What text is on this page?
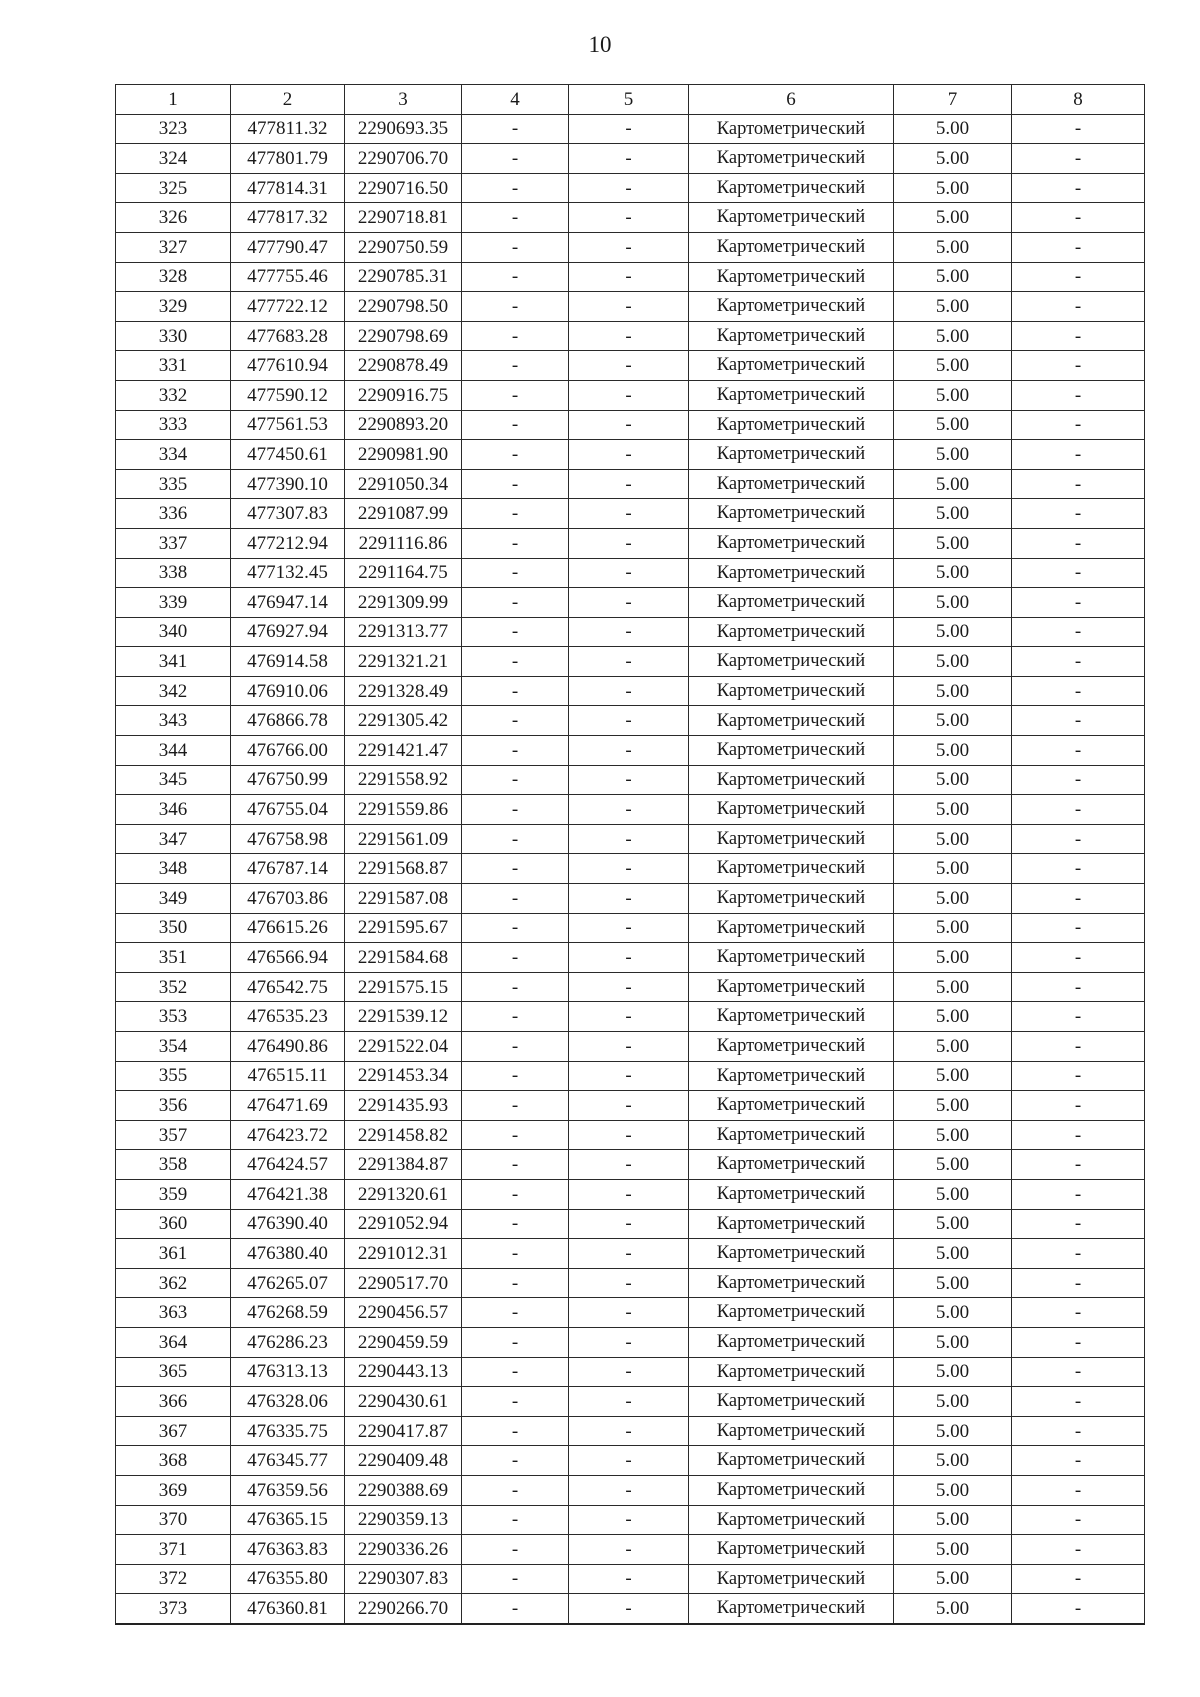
10
1	2	3	4	5	6	7	8
323	477811.32	2290693.35	-	-	Картометрический	5.00	-
324	477801.79	2290706.70	-	-	Картометрический	5.00	-
325	477814.31	2290716.50	-	-	Картометрический	5.00	-
326	477817.32	2290718.81	-	-	Картометрический	5.00	-
327	477790.47	2290750.59	-	-	Картометрический	5.00	-
328	477755.46	2290785.31	-	-	Картометрический	5.00	-
329	477722.12	2290798.50	-	-	Картометрический	5.00	-
330	477683.28	2290798.69	-	-	Картометрический	5.00	-
331	477610.94	2290878.49	-	-	Картометрический	5.00	-
332	477590.12	2290916.75	-	-	Картометрический	5.00	-
333	477561.53	2290893.20	-	-	Картометрический	5.00	-
334	477450.61	2290981.90	-	-	Картометрический	5.00	-
335	477390.10	2291050.34	-	-	Картометрический	5.00	-
336	477307.83	2291087.99	-	-	Картометрический	5.00	-
337	477212.94	2291116.86	-	-	Картометрический	5.00	-
338	477132.45	2291164.75	-	-	Картометрический	5.00	-
339	476947.14	2291309.99	-	-	Картометрический	5.00	-
340	476927.94	2291313.77	-	-	Картометрический	5.00	-
341	476914.58	2291321.21	-	-	Картометрический	5.00	-
342	476910.06	2291328.49	-	-	Картометрический	5.00	-
343	476866.78	2291305.42	-	-	Картометрический	5.00	-
344	476766.00	2291421.47	-	-	Картометрический	5.00	-
345	476750.99	2291558.92	-	-	Картометрический	5.00	-
346	476755.04	2291559.86	-	-	Картометрический	5.00	-
347	476758.98	2291561.09	-	-	Картометрический	5.00	-
348	476787.14	2291568.87	-	-	Картометрический	5.00	-
349	476703.86	2291587.08	-	-	Картометрический	5.00	-
350	476615.26	2291595.67	-	-	Картометрический	5.00	-
351	476566.94	2291584.68	-	-	Картометрический	5.00	-
352	476542.75	2291575.15	-	-	Картометрический	5.00	-
353	476535.23	2291539.12	-	-	Картометрический	5.00	-
354	476490.86	2291522.04	-	-	Картометрический	5.00	-
355	476515.11	2291453.34	-	-	Картометрический	5.00	-
356	476471.69	2291435.93	-	-	Картометрический	5.00	-
357	476423.72	2291458.82	-	-	Картометрический	5.00	-
358	476424.57	2291384.87	-	-	Картометрический	5.00	-
359	476421.38	2291320.61	-	-	Картометрический	5.00	-
360	476390.40	2291052.94	-	-	Картометрический	5.00	-
361	476380.40	2291012.31	-	-	Картометрический	5.00	-
362	476265.07	2290517.70	-	-	Картометрический	5.00	-
363	476268.59	2290456.57	-	-	Картометрический	5.00	-
364	476286.23	2290459.59	-	-	Картометрический	5.00	-
365	476313.13	2290443.13	-	-	Картометрический	5.00	-
366	476328.06	2290430.61	-	-	Картометрический	5.00	-
367	476335.75	2290417.87	-	-	Картометрический	5.00	-
368	476345.77	2290409.48	-	-	Картометрический	5.00	-
369	476359.56	2290388.69	-	-	Картометрический	5.00	-
370	476365.15	2290359.13	-	-	Картометрический	5.00	-
371	476363.83	2290336.26	-	-	Картометрический	5.00	-
372	476355.80	2290307.83	-	-	Картометрический	5.00	-
373	476360.81	2290266.70	-	-	Картометрический	5.00	-
